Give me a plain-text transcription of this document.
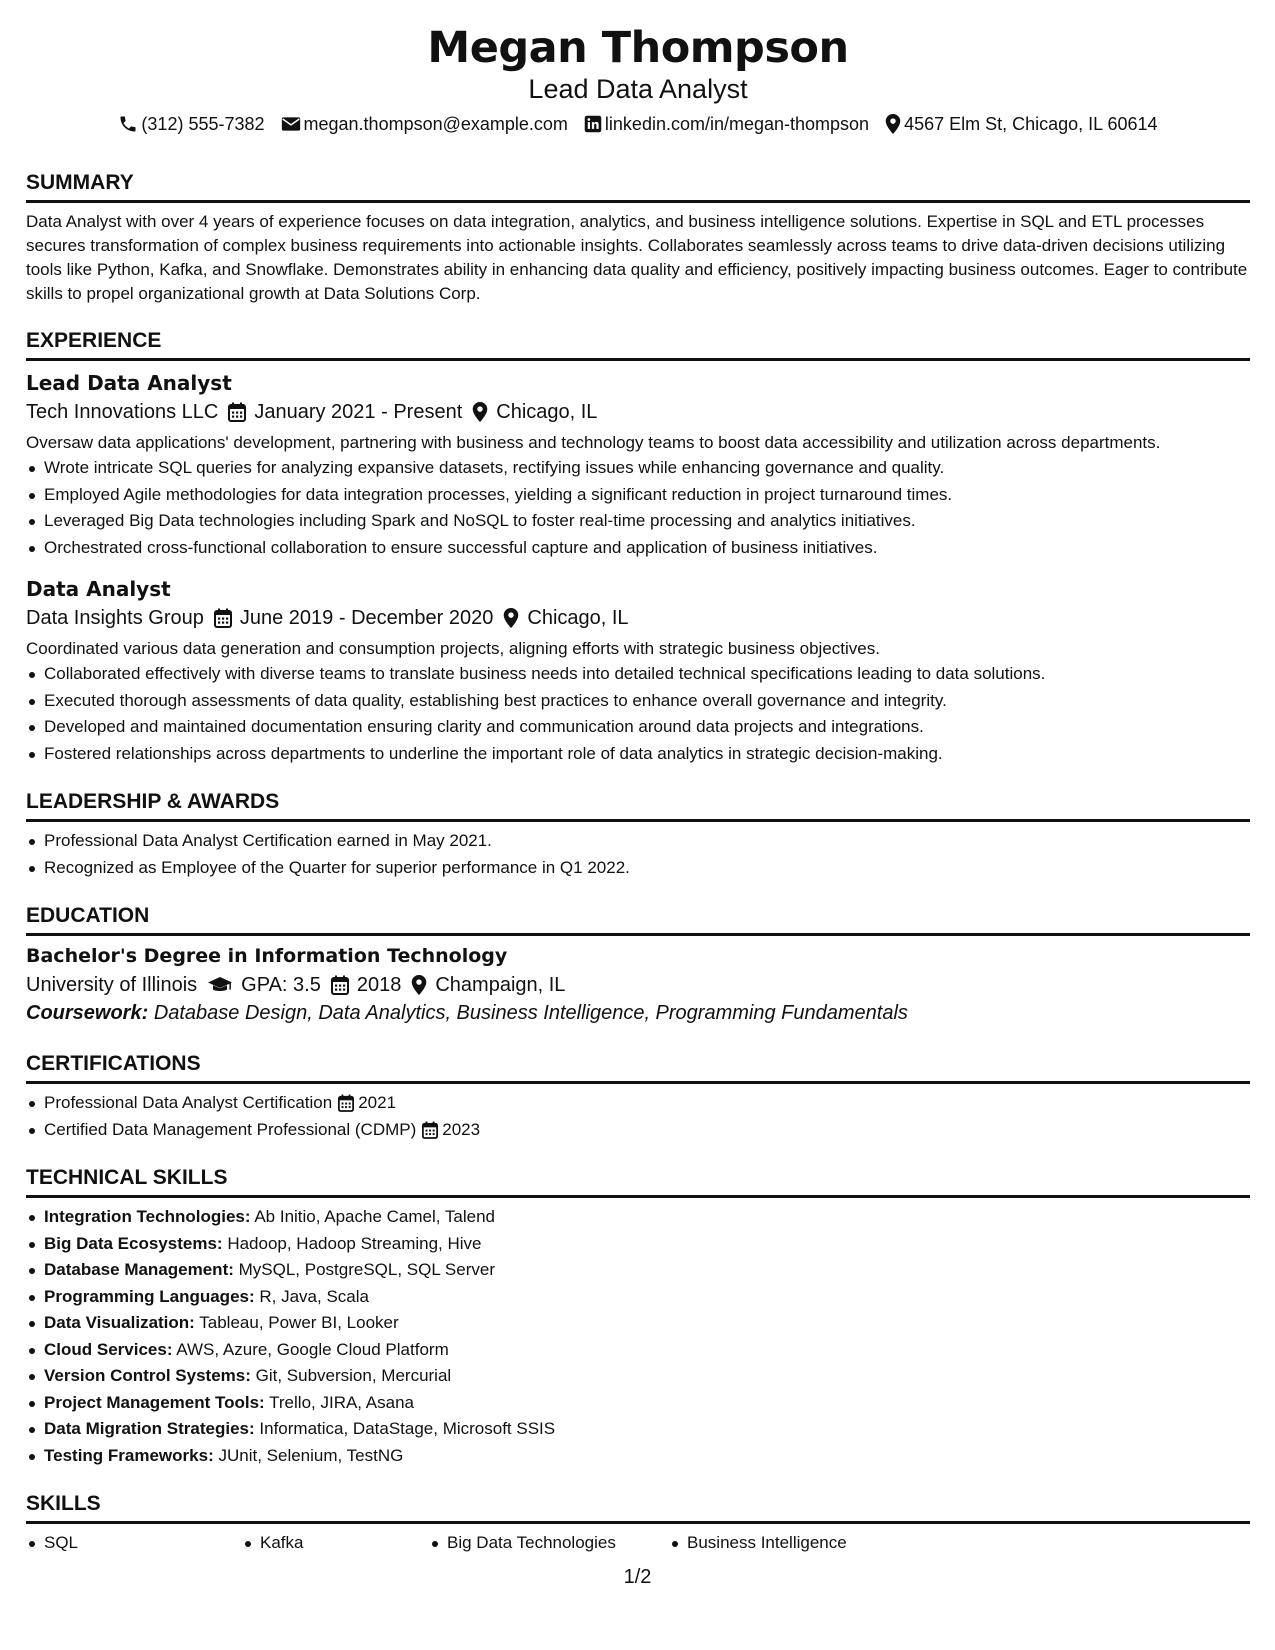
Megan Thompson
Lead Data Analyst
(312) 555-7382 megan.thompson@example.com linkedin.com/in/megan-thompson 4567 Elm St, Chicago, IL 60614
SUMMARY

Data Analyst with over 4 years of experience focuses on data integration, analytics, and business intelligence solutions. Expertise in SQL and ETL processes secures transformation of complex business requirements into actionable insights. Collaborates seamlessly across teams to drive data-driven decisions utilizing tools like Python, Kafka, and Snowflake. Demonstrates ability in enhancing data quality and efficiency, positively impacting business outcomes. Eager to contribute skills to propel organizational growth at Data Solutions Corp.

EXPERIENCE
Lead Data Analyst
Tech Innovations LLC January 2021 - Present Chicago, IL

Oversaw data applications' development, partnering with business and technology teams to boost data accessibility and utilization across departments.

Wrote intricate SQL queries for analyzing expansive datasets, rectifying issues while enhancing governance and quality.
Employed Agile methodologies for data integration processes, yielding a significant reduction in project turnaround times.
Leveraged Big Data technologies including Spark and NoSQL to foster real-time processing and analytics initiatives.
Orchestrated cross-functional collaboration to ensure successful capture and application of business initiatives.
Data Analyst
Data Insights Group June 2019 - December 2020 Chicago, IL

Coordinated various data generation and consumption projects, aligning efforts with strategic business objectives.

Collaborated effectively with diverse teams to translate business needs into detailed technical specifications leading to data solutions.
Executed thorough assessments of data quality, establishing best practices to enhance overall governance and integrity.
Developed and maintained documentation ensuring clarity and communication around data projects and integrations.
Fostered relationships across departments to underline the important role of data analytics in strategic decision-making.
LEADERSHIP & AWARDS
Professional Data Analyst Certification earned in May 2021.
Recognized as Employee of the Quarter for superior performance in Q1 2022.
EDUCATION
Bachelor's Degree in Information Technology
University of Illinois GPA: 3.5 2018 Champaign, IL
Coursework: Database Design, Data Analytics, Business Intelligence, Programming Fundamentals
CERTIFICATIONS
Professional Data Analyst Certification 2021
Certified Data Management Professional (CDMP) 2023
TECHNICAL SKILLS
Integration Technologies: Ab Initio, Apache Camel, Talend
Big Data Ecosystems: Hadoop, Hadoop Streaming, Hive
Database Management: MySQL, PostgreSQL, SQL Server
Programming Languages: R, Java, Scala
Data Visualization: Tableau, Power BI, Looker
Cloud Services: AWS, Azure, Google Cloud Platform
Version Control Systems: Git, Subversion, Mercurial
Project Management Tools: Trello, JIRA, Asana
Data Migration Strategies: Informatica, DataStage, Microsoft SSIS
Testing Frameworks: JUnit, Selenium, TestNG
SKILLS
SQL	Kafka	Big Data Technologies	Business Intelligence
1/2
